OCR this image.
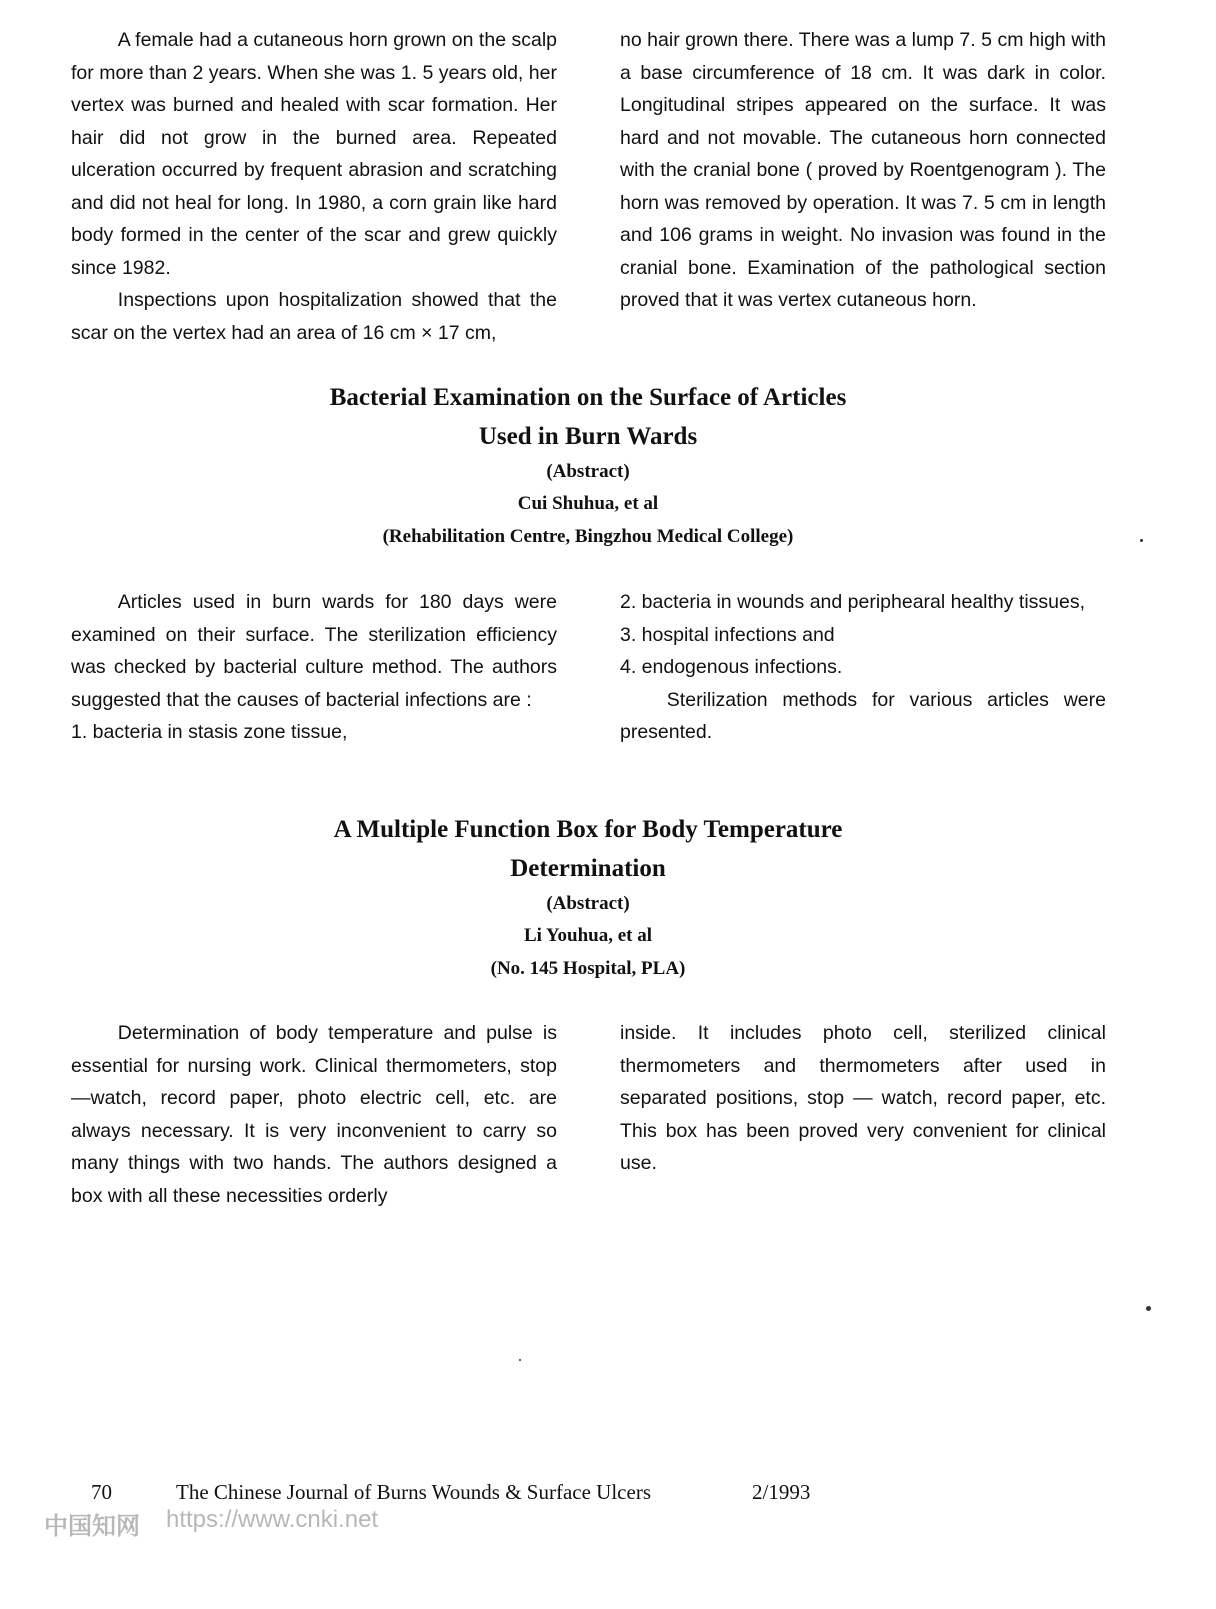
A female had a cutaneous horn grown on the scalp for more than 2 years. When she was 1. 5 years old, her vertex was burned and healed with scar formation. Her hair did not grow in the burned area. Repeated ulceration occurred by frequent abrasion and scratching and did not heal for long. In 1980, a corn grain like hard body formed in the center of the scar and grew quickly since 1982.

Inspections upon hospitalization showed that the scar on the vertex had an area of 16 cm × 17 cm,

no hair grown there. There was a lump 7. 5 cm high with a base circumference of 18 cm. It was dark in color. Longitudinal stripes appeared on the surface. It was hard and not movable. The cutaneous horn connected with the cranial bone ( proved by Roentgenogram ). The horn was removed by operation. It was 7. 5 cm in length and 106 grams in weight. No invasion was found in the cranial bone. Examination of the pathological section proved that it was vertex cutaneous horn.

Bacterial Examination on the Surface of Articles

Used in Burn Wards

(Abstract)

Cui Shuhua, et al

(Rehabilitation Centre, Bingzhou Medical College)

Articles used in burn wards for 180 days were examined on their surface. The sterilization efficiency was checked by bacterial culture method. The authors suggested that the causes of bacterial infections are :

1. bacteria in stasis zone tissue,

2. bacteria in wounds and periphearal healthy tissues,

3. hospital infections and

4. endogenous infections.

Sterilization methods for various articles were presented.

A Multiple Function Box for Body Temperature

Determination

(Abstract)

Li Youhua, et al

(No. 145 Hospital, PLA)

Determination of body temperature and pulse is essential for nursing work. Clinical thermometers, stop—watch, record paper, photo electric cell, etc. are always necessary. It is very inconvenient to carry so many things with two hands. The authors designed a box with all these necessities orderly

inside. It includes photo cell, sterilized clinical thermometers and thermometers after used in separated positions, stop — watch, record paper, etc. This box has been proved very convenient for clinical use.

70	The Chinese Journal of Burns Wounds & Surface Ulcers	2/1993
中国知网 https://www.cnki.net
